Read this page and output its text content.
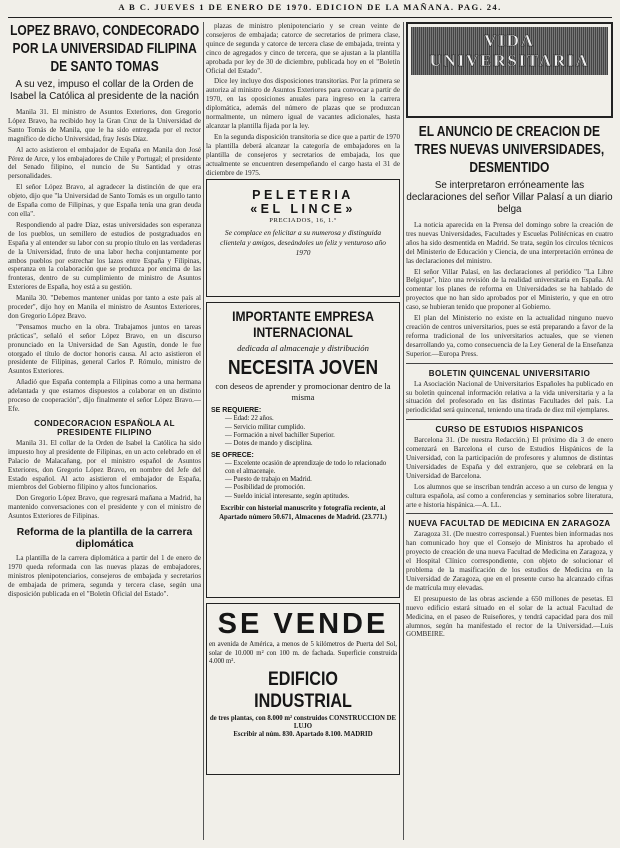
A B C. JUEVES 1 DE ENERO DE 1970. EDICION DE LA MAÑANA. PAG. 24.
LOPEZ BRAVO, CONDECORADO POR LA UNIVERSIDAD FILIPINA DE SANTO TOMAS
A su vez, impuso el collar de la Orden de Isabel la Católica al presidente de la nación

Manila 31. El ministro de Asuntos Exteriores, don Gregorio López Bravo, ha recibido hoy la Gran Cruz de la Universidad de Santo Tomás de Manila, que le ha sido entregada por el rector magnífico de dicho Universidad, fray Jesús Díaz.

Al acto asistieron el embajador de España en Manila don José Pérez de Arce, y los embajadores de Chile y Portugal; el presidente del Senado filipino, el nuncio de Su Santidad y otras personalidades.

El señor López Bravo, al agradecer la distinción de que era objeto, dijo que "la Universidad de Santo Tomás es un orgullo tanto de España como de Filipinas, y que España tenía una gran deuda con ella".

Respondiendo al padre Díaz, estas universidades son esperanza de los pueblos, un semillero de estudios de postgraduados en España y al entender su labor con su propio título en las verdaderas de la Universidad, fruto de una labor hecha conjuntamente por ambos pueblos por estrechar los lazos entre España y Filipinas, esperanza en la colaboración que se produzca por encima de las fronteras, dentro de su cumplimiento de ministro de Asuntos Exteriores de España, hoy está a su gestión.

Manila 30. "Debemos mantener unidas por tanto a este país al proceder", dijo hoy en Manila el ministro de Asuntos Exteriores, don Gregorio López Bravo.

"Pensamos mucho en la obra. Trabajamos juntos en tareas prácticas", señaló el señor López Bravo, en un discurso pronunciado en la Universidad de San Agustín, donde le fue otorgado el título de doctor honoris causa. Al acto asistieron el presidente de Filipinas, general Carlos P. Rómulo, ministro de Asuntos Exteriores.

Añadió que España contempla a Filipinas como a una hermana adelantada y que estamos dispuestos a colaborar en un distinto proceso de cooperación", dijo finalmente el señor López Bravo.—Efe.

CONDECORACION ESPAÑOLA AL PRESIDENTE FILIPINO

Manila 31. El collar de la Orden de Isabel la Católica ha sido impuesto hoy al presidente de Filipinas, en un acto celebrado en el Palacio de Malacañang, por el ministro español de Asuntos Exteriores, don Gregorio López Bravo, en nombre del Jefe del Estado español. Al acto asistieron el embajador de España, miembros del Gobierno filipino y altos funcionarios.

Don Gregorio López Bravo, que regresará mañana a Madrid, ha mantenido conversaciones con el presidente y con el ministro de Asuntos Exteriores de Filipinas.

Reforma de la plantilla de la carrera diplomática

La plantilla de la carrera diplomática a partir del 1 de enero de 1970 queda reformada con las nuevas plazas de embajadores, ministros plenipotenciarios, consejeros de embajada y secretarios de embajada de primera, segunda y tercera clase, según una disposición publicada en el "Boletín Oficial del Estado".

plazas de ministro plenipotenciario y se crean veinte de consejeros de embajada; catorce de secretarios de primera clase, quince de segunda y catorce de tercera clase de embajada, treinta y cinco de agregados y cinco de tercera, que se ajustan a la plantilla aprobada por ley de 30 de diciembre, publicada hoy en el "Boletín Oficial del Estado".

Dice ley incluye dos disposiciones transitorias. Por la primera se autoriza al ministro de Asuntos Exteriores para convocar a partir de 1970, en las oposiciones anuales para ingreso en la carrera diplomática, además del número de plazas que se produzcan normalmente, un número igual de vacantes adicionales, hasta alcanzar la plantilla fijada por la ley.

En la segunda disposición transitoria se dice que a partir de 1970 la plantilla deberá alcanzar la categoría de embajadores en la plantilla de consejeros y secretarios de embajada, los que actualmente se encuentren desempeñando el cargo hasta el 31 de diciembre de 1975.

PELETERIA
«EL LINCE»
PRECIADOS, 16, 1.º
Se complace en felicitar a su numerosa y distinguida clientela y amigos, deseándoles un feliz y venturoso año 1970
IMPORTANTE EMPRESA INTERNACIONAL
dedicada al almacenaje y distribución
NECESITA JOVEN
con deseos de aprender y promocionar dentro de la misma
SE REQUIERE:
— Edad: 22 años.
— Servicio militar cumplido.
— Formación a nivel bachiller Superior.
— Dotes de mando y disciplina.
SE OFRECE:
— Excelente ocasión de aprendizaje de todo lo relacionado con el almacenaje.
— Puesto de trabajo en Madrid.
— Posibilidad de promoción.
— Sueldo inicial interesante, según aptitudes.
Escribir con historial manuscrito y fotografía reciente, al Apartado número 50.671, Almacenes de Madrid. (23.771.)
SE VENDE
en avenida de América, a menos de 5 kilómetros de Puerta del Sol, solar de 10.000 m² con 100 m. de fachada. Superficie construida 4.000 m².
EDIFICIO INDUSTRIAL
de tres plantas, con 8.000 m² construidos CONSTRUCCION DE LUJO
Escribir al núm. 830. Apartado 8.100. MADRID
VIDA UNIVERSITARIA
EL ANUNCIO DE CREACION DE TRES NUEVAS UNIVERSIDADES, DESMENTIDO
Se interpretaron erróneamente las declaraciones del señor Villar Palasí a un diario belga

La noticia aparecida en la Prensa del domingo sobre la creación de tres nuevas Universidades, Facultades y Escuelas Politécnicas en cuatro años ha sido desmentida en Madrid. Se trata, según los círculos técnicos del Ministerio de Educación y Ciencia, de una interpretación errónea de las declaraciones del ministro.

El señor Villar Palasí, en las declaraciones al periódico "La Libre Belgique", hizo una revisión de la realidad universitaria en España. Al comentar los planes de reforma en Universidades se ha hablado de proyectos que no han sido aprobados por el Ministerio, y que en otro caso, se hubieran tenido que proponer al Gobierno.

El plan del Ministerio no existe en la actualidad ninguno nuevo creación de centros universitarios, pues se está preparando a favor de la reforma tradicional de los universitarios actuales, que se vienen desarrollando ya, como consecuencia de la Ley General de la Enseñanza Superior.—Europa Press.

BOLETIN QUINCENAL UNIVERSITARIO

La Asociación Nacional de Universitarios Españoles ha publicado en su boletín quincenal información relativa a la vida universitaria y a la situación del profesorado en las distintas Facultades del país. La periodicidad será quincenal, teniendo una tirada de diez mil ejemplares.

CURSO DE ESTUDIOS HISPANICOS

Barcelona 31. (De nuestra Redacción.) El próximo día 3 de enero comenzará en Barcelona el curso de Estudios Hispánicos de la Universidad, con la participación de profesores y alumnos de distintas Universidades de España y del extranjero, que se celebrará en la Universidad de Barcelona.

Los alumnos que se inscriban tendrán acceso a un curso de lengua y cultura española, así como a conferencias y seminarios sobre literatura, arte e historia hispánica.—A. LL.

NUEVA FACULTAD DE MEDICINA EN ZARAGOZA

Zaragoza 31. (De nuestro corresponsal.) Fuentes bien informadas nos han comunicado hoy que el Consejo de Ministros ha aprobado el proyecto de creación de una nueva Facultad de Medicina en Zaragoza, y el Hospital Clínico correspondiente, con objeto de solucionar el problema de la masificación de los estudios de Medicina en la Universidad de Zaragoza, que en el presente curso ha alcanzado cifras de matrícula muy elevadas.

El presupuesto de las obras asciende a 650 millones de pesetas. El nuevo edificio estará situado en el solar de la actual Facultad de Medicina, en el paseo de Ruiseñores, y tendrá capacidad para dos mil alumnos, según ha manifestado el rector de la Universidad.—Luis GOMBEIRE.
